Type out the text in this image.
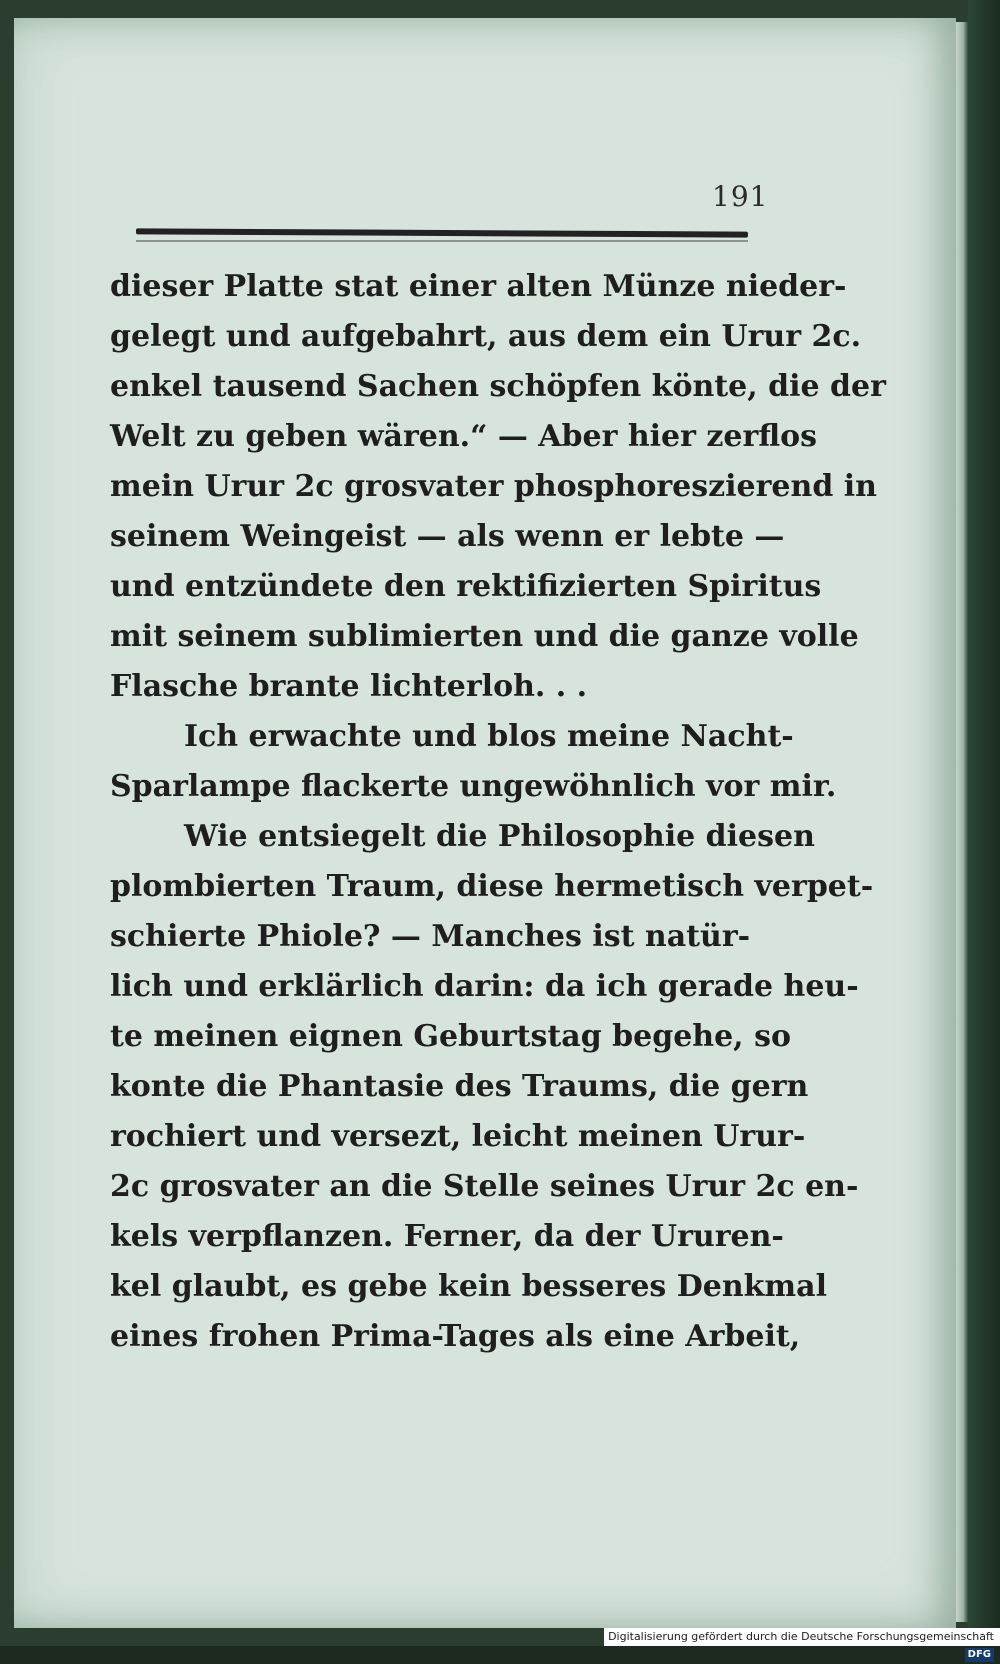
191
dieser Platte stat einer alten Münze nieder-
gelegt und aufgebahrt, aus dem ein Urur 2c.
enkel tausend Sachen schöpfen könte, die der
Welt zu geben wären.“ — Aber hier zerflos
mein Urur 2c grosvater phosphoreszierend in
seinem Weingeist — als wenn er lebte —
und entzündete den rektifizierten Spiritus
mit seinem sublimierten und die ganze volle
Flasche brante lichterloh. . .
Ich erwachte und blos meine Nacht-
Sparlampe flackerte ungewöhnlich vor mir.
Wie entsiegelt die Philosophie diesen
plombierten Traum, diese hermetisch verpet-
schierte Phiole? — Manches ist natür-
lich und erklärlich darin: da ich gerade heu-
te meinen eignen Geburtstag begehe, so
konte die Phantasie des Traums, die gern
rochiert und versezt, leicht meinen Urur-
2c grosvater an die Stelle seines Urur 2c en-
kels verpflanzen. Ferner, da der Ururen-
kel glaubt, es gebe kein besseres Denkmal
eines frohen Prima-Tages als eine Arbeit,
Digitalisierung gefördert durch die Deutsche Forschungsgemeinschaft - DFG
